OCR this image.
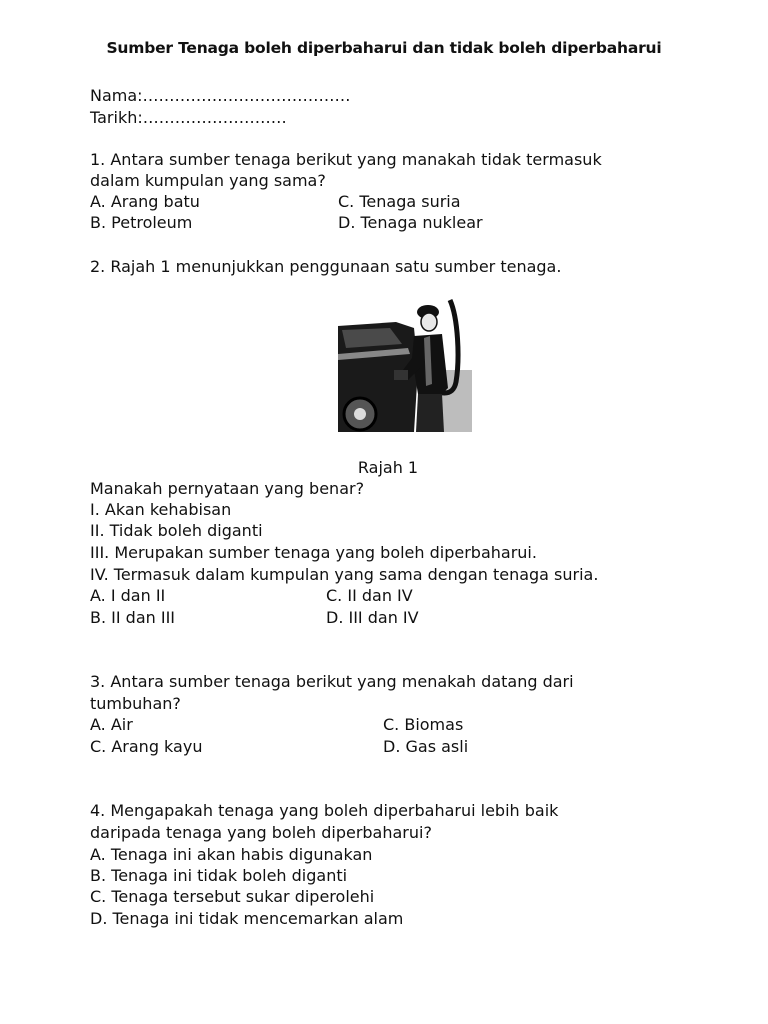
Sumber Tenaga boleh diperbaharui dan tidak boleh diperbaharui
Nama:…………………………………
Tarikh:………………………
1. Antara sumber tenaga berikut yang manakah tidak termasuk
dalam kumpulan yang sama?
A. Arang batu	C. Tenaga suria
B. Petroleum	D. Tenaga nuklear
2. Rajah 1 menunjukkan penggunaan satu sumber tenaga.
Rajah 1
Manakah pernyataan yang benar?
I. Akan kehabisan
II. Tidak boleh diganti
III. Merupakan sumber tenaga yang boleh diperbaharui.
IV. Termasuk dalam kumpulan yang sama dengan tenaga suria.
A. I dan II	C. II dan IV
B. II dan III	D. III dan IV
3. Antara sumber tenaga berikut yang menakah datang dari
tumbuhan?
A. Air	C. Biomas
C. Arang kayu	D. Gas asli
4. Mengapakah tenaga yang boleh diperbaharui lebih baik
daripada tenaga yang boleh diperbaharui?
A. Tenaga ini akan habis digunakan
B. Tenaga ini tidak boleh diganti
C. Tenaga tersebut sukar diperolehi
D. Tenaga ini tidak mencemarkan alam
